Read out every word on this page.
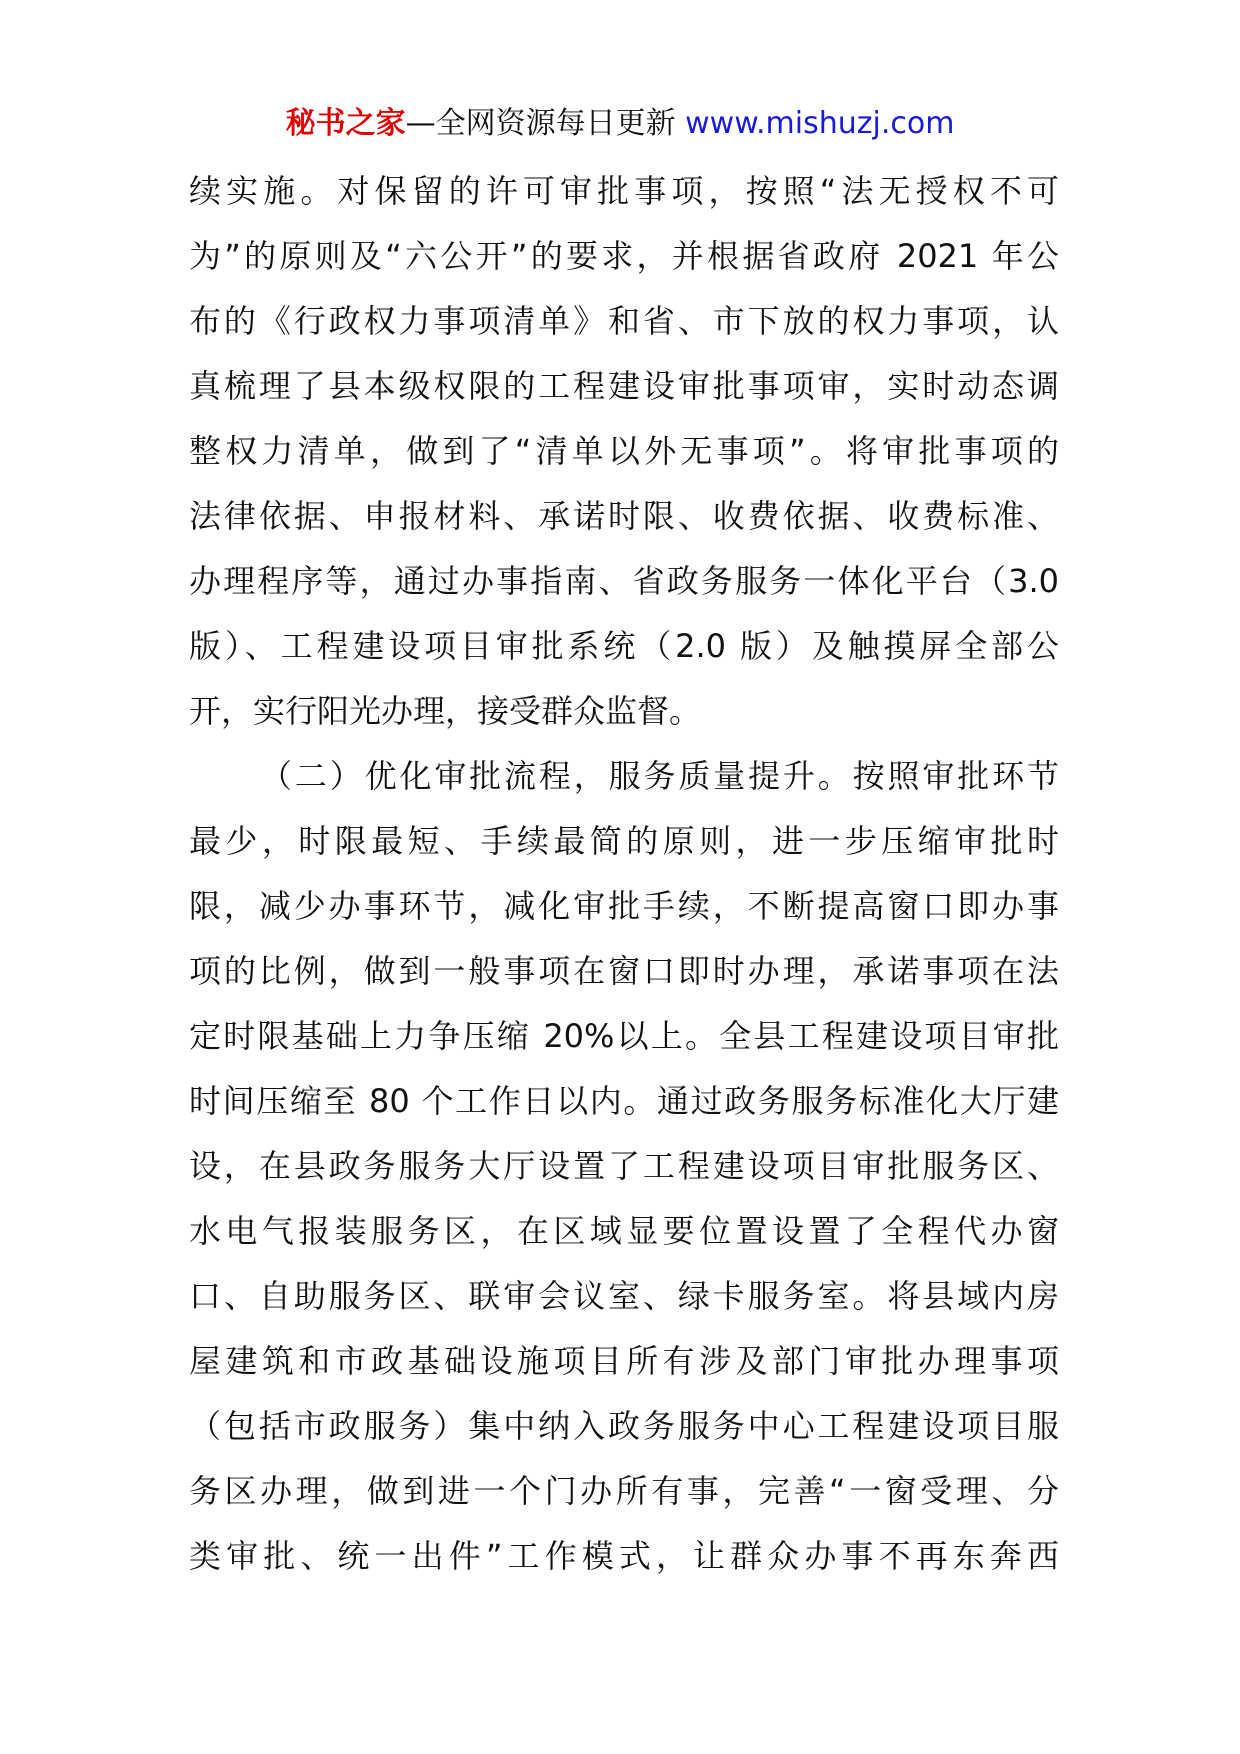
秘书之家—全网资源每日更新 www.mishuzj.com
续实施。对保留的许可审批事项，按照“法无授权不可
为”的原则及“六公开”的要求，并根据省政府 2021 年公
布的《行政权力事项清单》和省、市下放的权力事项，认
真梳理了县本级权限的工程建设审批事项审，实时动态调
整权力清单，做到了“清单以外无事项”。将审批事项的
法律依据、申报材料、承诺时限、收费依据、收费标准、
办理程序等，通过办事指南、省政务服务一体化平台（3.0
版）、工程建设项目审批系统（2.0 版）及触摸屏全部公
开，实行阳光办理，接受群众监督。
（二）优化审批流程，服务质量提升。按照审批环节
最少，时限最短、手续最简的原则，进一步压缩审批时
限，减少办事环节，减化审批手续，不断提高窗口即办事
项的比例，做到一般事项在窗口即时办理，承诺事项在法
定时限基础上力争压缩 20%以上。全县工程建设项目审批
时间压缩至 80 个工作日以内。通过政务服务标准化大厅建
设，在县政务服务大厅设置了工程建设项目审批服务区、
水电气报装服务区，在区域显要位置设置了全程代办窗
口、自助服务区、联审会议室、绿卡服务室。将县域内房
屋建筑和市政基础设施项目所有涉及部门审批办理事项
（包括市政服务）集中纳入政务服务中心工程建设项目服
务区办理，做到进一个门办所有事，完善“一窗受理、分
类审批、统一出件”工作模式，让群众办事不再东奔西
